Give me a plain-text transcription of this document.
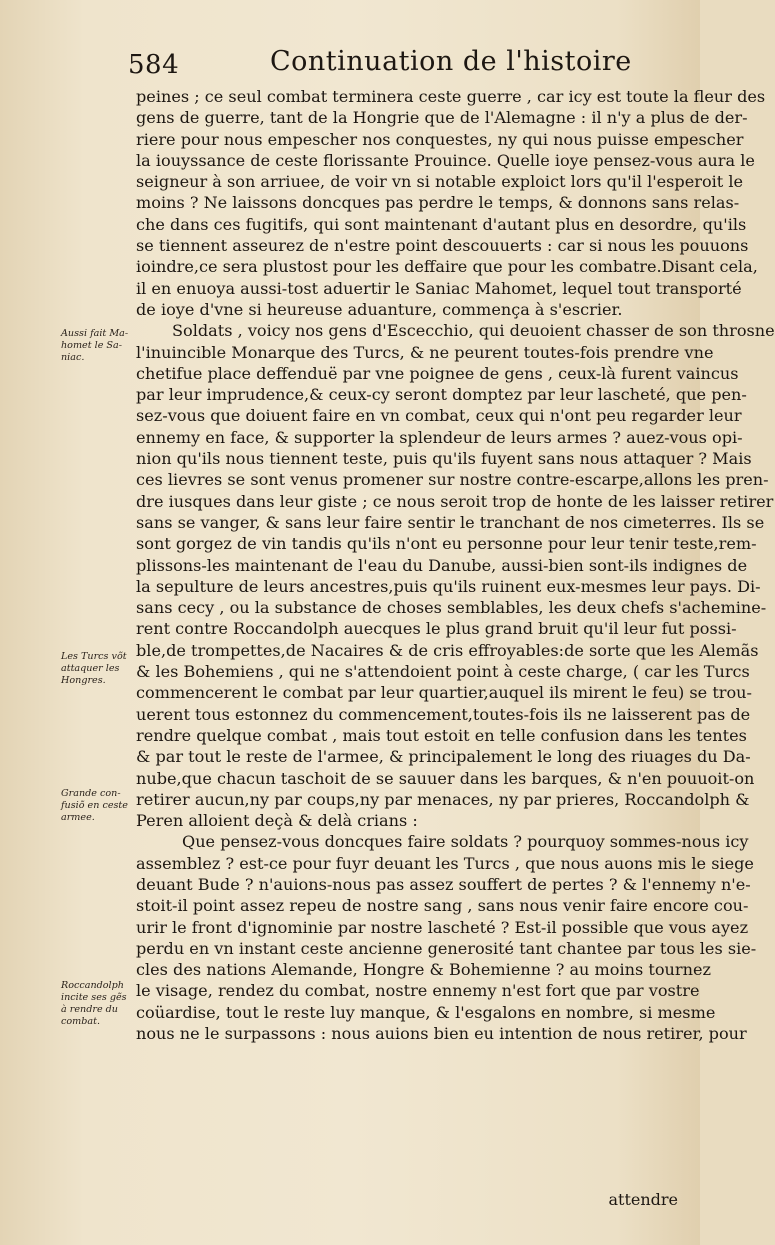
584	Continuation de l'histoire
peines ; ce seul combat terminera ceste guerre , car icy est toute la fleur des
gens de guerre, tant de la Hongrie que de l'Alemagne : il n'y a plus de der-
riere pour nous empescher nos conquestes, ny qui nous puisse empescher
la iouyssance de ceste florissante Prouince. Quelle ioye pensez-vous aura le
seigneur à son arriuee, de voir vn si notable exploict lors qu'il l'esperoit le
moins ? Ne laissons doncques pas perdre le temps, & donnons sans relas-
che dans ces fugitifs, qui sont maintenant d'autant plus en desordre, qu'ils
se tiennent asseurez de n'estre point descouuerts : car si nous les pouuons
ioindre,ce sera plustost pour les deffaire que pour les combatre.Disant cela,
il en enuoya aussi-tost aduertir le Saniac Mahomet, lequel tout transporté
de ioye d'vne si heureuse aduanture, commença à s'escrier.
Soldats , voicy nos gens d'Escecchio, qui deuoient chasser de son throsne
l'inuincible Monarque des Turcs, & ne peurent toutes-fois prendre vne
chetifue place deffenduë par vne poignee de gens , ceux-là furent vaincus
par leur imprudence,& ceux-cy seront domptez par leur lascheté, que pen-
sez-vous que doiuent faire en vn combat, ceux qui n'ont peu regarder leur
ennemy en face, & supporter la splendeur de leurs armes ? auez-vous opi-
nion qu'ils nous tiennent teste, puis qu'ils fuyent sans nous attaquer ? Mais
ces lievres se sont venus promener sur nostre contre-escarpe,allons les pren-
dre iusques dans leur giste ; ce nous seroit trop de honte de les laisser retirer
sans se vanger, & sans leur faire sentir le tranchant de nos cimeterres. Ils se
sont gorgez de vin tandis qu'ils n'ont eu personne pour leur tenir teste,rem-
plissons-les maintenant de l'eau du Danube, aussi-bien sont-ils indignes de
la sepulture de leurs ancestres,puis qu'ils ruinent eux-mesmes leur pays. Di-
sans cecy , ou la substance de choses semblables, les deux chefs s'achemine-
rent contre Roccandolph auecques le plus grand bruit qu'il leur fut possi-
ble,de trompettes,de Nacaires & de cris effroyables:de sorte que les Alemãs
& les Bohemiens , qui ne s'attendoient point à ceste charge, ( car les Turcs
commencerent le combat par leur quartier,auquel ils mirent le feu) se trou-
uerent tous estonnez du commencement,toutes-fois ils ne laisserent pas de
rendre quelque combat , mais tout estoit en telle confusion dans les tentes
& par tout le reste de l'armee, & principalement le long des riuages du Da-
nube,que chacun taschoit de se sauuer dans les barques, & n'en pouuoit-on
retirer aucun,ny par coups,ny par menaces, ny par prieres, Roccandolph &
Peren alloient deçà & delà crians :
Que pensez-vous doncques faire soldats ? pourquoy sommes-nous icy
assemblez ? est-ce pour fuyr deuant les Turcs , que nous auons mis le siege
deuant Bude ? n'auions-nous pas assez souffert de pertes ? & l'ennemy n'e-
stoit-il point assez repeu de nostre sang , sans nous venir faire encore cou-
urir le front d'ignominie par nostre lascheté ? Est-il possible que vous ayez
perdu en vn instant ceste ancienne generosité tant chantee par tous les sie-
cles des nations Alemande, Hongre & Bohemienne ? au moins tournez
le visage, rendez du combat, nostre ennemy n'est fort que par vostre
coüardise, tout le reste luy manque, & l'esgalons en nombre, si mesme
nous ne le surpassons : nous auions bien eu intention de nous retirer, pour
Aussi fait Ma-
homet le Sa-
niac.
Les Turcs võt
attaquer les
Hongres.
Grande con-
fusiõ en ceste
armee.
Roccandolph
incite ses gẽs
à rendre du
combat.
attendre
